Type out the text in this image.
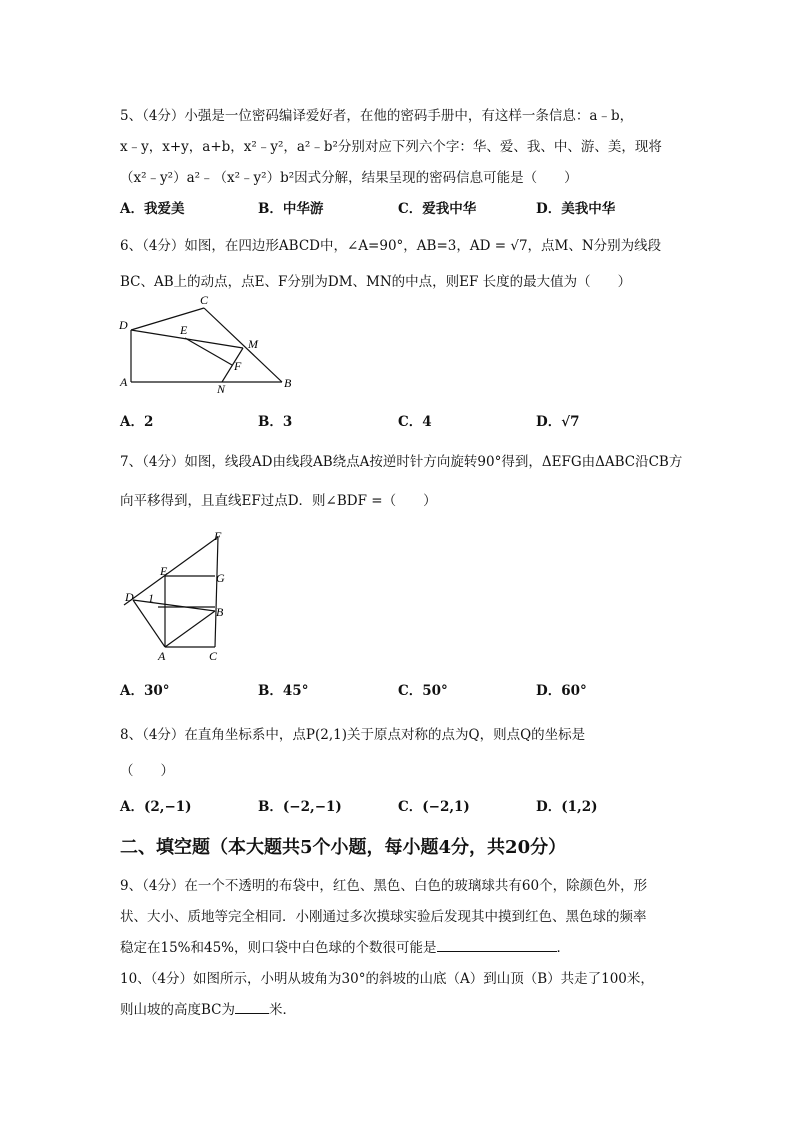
5、（4分）小强是一位密码编译爱好者，在他的密码手册中，有这样一条信息：a﹣b，
x﹣y，x+y，a+b，x²﹣y²，a²﹣b²分别对应下列六个字：华、爱、我、中、游、美，现将
（x²﹣y²）a²﹣（x²﹣y²）b²因式分解，结果呈现的密码信息可能是（　　）
A．我爱美	B．中华游	C．爱我中华	D．美我中华
6、（4分）如图，在四边形ABCD中，∠A=90°，AB=3，AD = √7，点M、N分别为线段
BC、AB上的动点，点E、F分别为DM、MN的中点，则EF 长度的最大值为（　　）
C
D	E
M
F
A	N	B
A．2	B．3	C．4	D．√7
7、（4分）如图，线段AD由线段AB绕点A按逆时针方向旋转90°得到，ΔEFG由ΔABC沿CB方
向平移得到，且直线EF过点D．则∠BDF =（　　）
F
E	G
D 1
B
A	C
A．30°	B．45°	C．50°	D．60°
8、（4分）在直角坐标系中，点P(2,1)关于原点对称的点为Q，则点Q的坐标是
（　　）
A．(2,−1)	B．(−2,−1)	C．(−2,1)	D．(1,2)
二、填空题（本大题共5个小题，每小题4分，共20分）
9、（4分）在一个不透明的布袋中，红色、黑色、白色的玻璃球共有60个，除颜色外，形
状、大小、质地等完全相同．小刚通过多次摸球实验后发现其中摸到红色、黑色球的频率
稳定在15%和45%，则口袋中白色球的个数很可能是	．
10、（4分）如图所示，小明从坡角为30°的斜坡的山底（A）到山顶（B）共走了100米，
则山坡的高度BC为	米．
